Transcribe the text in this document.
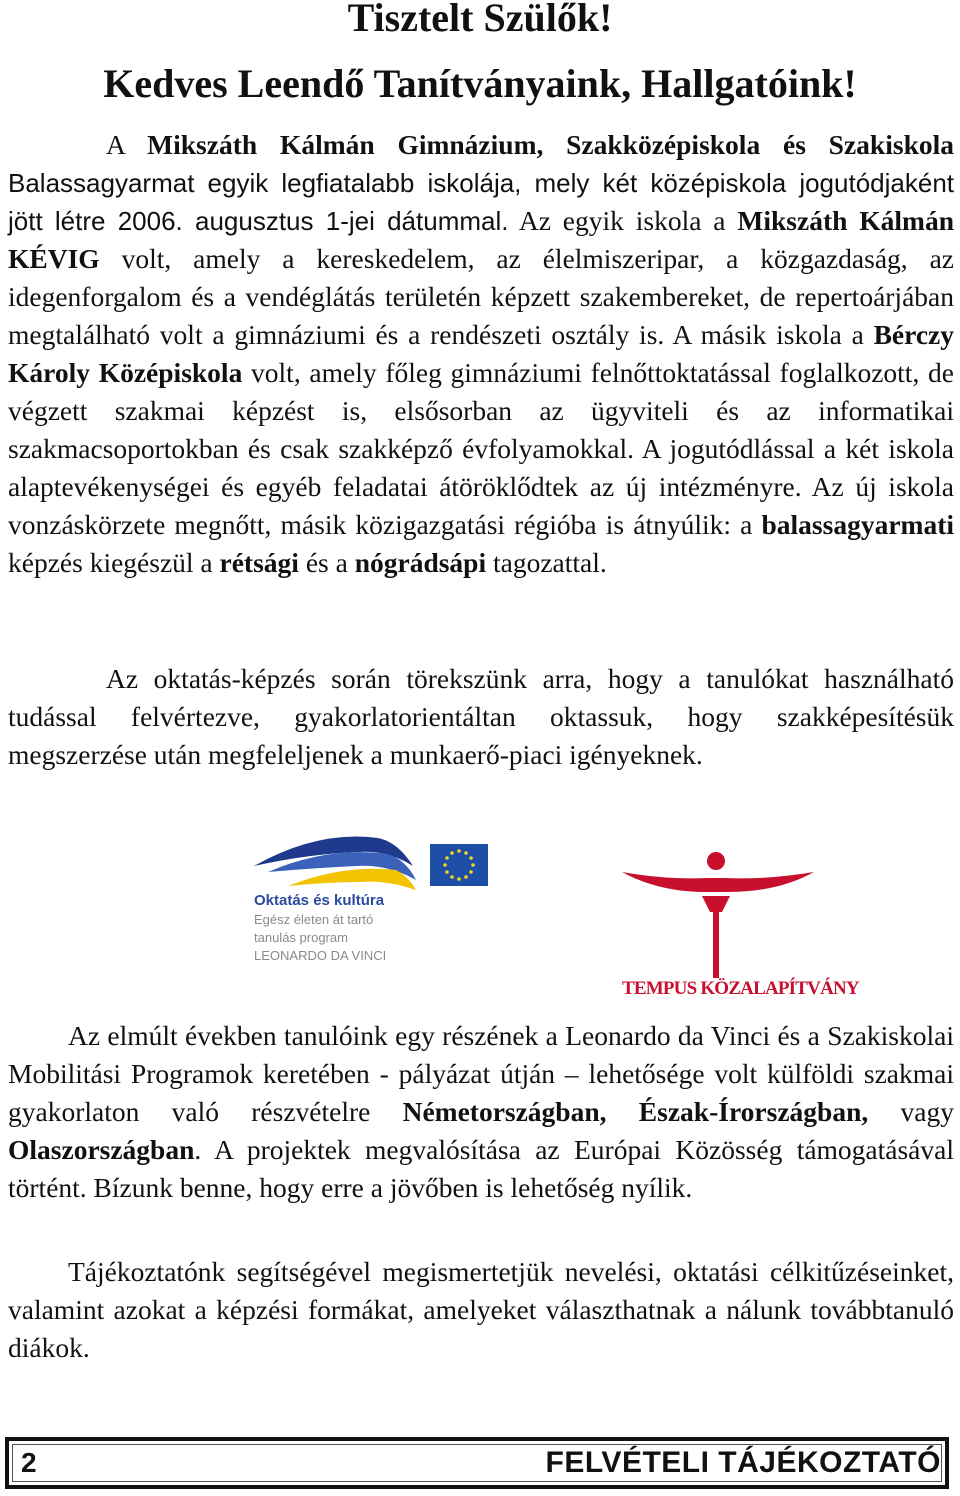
Tisztelt Szülők!
Kedves Leendő Tanítványaink, Hallgatóink!

A Mikszáth Kálmán Gimnázium, Szakközépiskola és Szakiskola Balassagyarmat egyik legfiatalabb iskolája, mely két középiskola jogutódjaként jött létre 2006. augusztus 1-jei dátummal. Az egyik iskola a Mikszáth Kálmán KÉVIG volt, amely a kereskedelem, az élelmiszeripar, a közgazdaság, az idegenforgalom és a vendéglátás területén képzett szakembereket, de repertoárjában megtalálható volt a gimnáziumi és a rendészeti osztály is. A másik iskola a Bérczy Károly Középiskola volt, amely főleg gimnáziumi felnőttoktatással foglalkozott, de végzett szakmai képzést is, elsősorban az ügyviteli és az informatikai szakmacsoportokban és csak szakképző évfolyamokkal. A jogutódlással a két iskola alaptevékenységei és egyéb feladatai átöröklődtek az új intézményre. Az új iskola vonzáskörzete megnőtt, másik közigazgatási régióba is átnyúlik: a balassagyarmati képzés kiegészül a rétsági és a nógrádsápi tagozattal.

Az oktatás-képzés során törekszünk arra, hogy a tanulókat használható tudással felvértezve, gyakorlatorientáltan oktassuk, hogy szakképesítésük megszerzése után megfeleljenek a munkaerő-piaci igényeknek.

Oktatás és kultúra
Egész életen át tartó
tanulás program
LEONARDO DA VINCI
TEMPUS KÖZALAPÍTVÁNY

Az elmúlt években tanulóink egy részének a Leonardo da Vinci és a Szakiskolai Mobilitási Programok keretében - pályázat útján – lehetősége volt külföldi szakmai gyakorlaton való részvételre Németországban, Észak-Írországban, vagy Olaszországban. A projektek megvalósítása az Európai Közösség támogatásával történt. Bízunk benne, hogy erre a jövőben is lehetőség nyílik.

Tájékoztatónk segítségével megismertetjük nevelési, oktatási célkitűzéseinket, valamint azokat a képzési formákat, amelyeket választhatnak a nálunk továbbtanuló diákok.

2	FELVÉTELI TÁJÉKOZTATÓ
